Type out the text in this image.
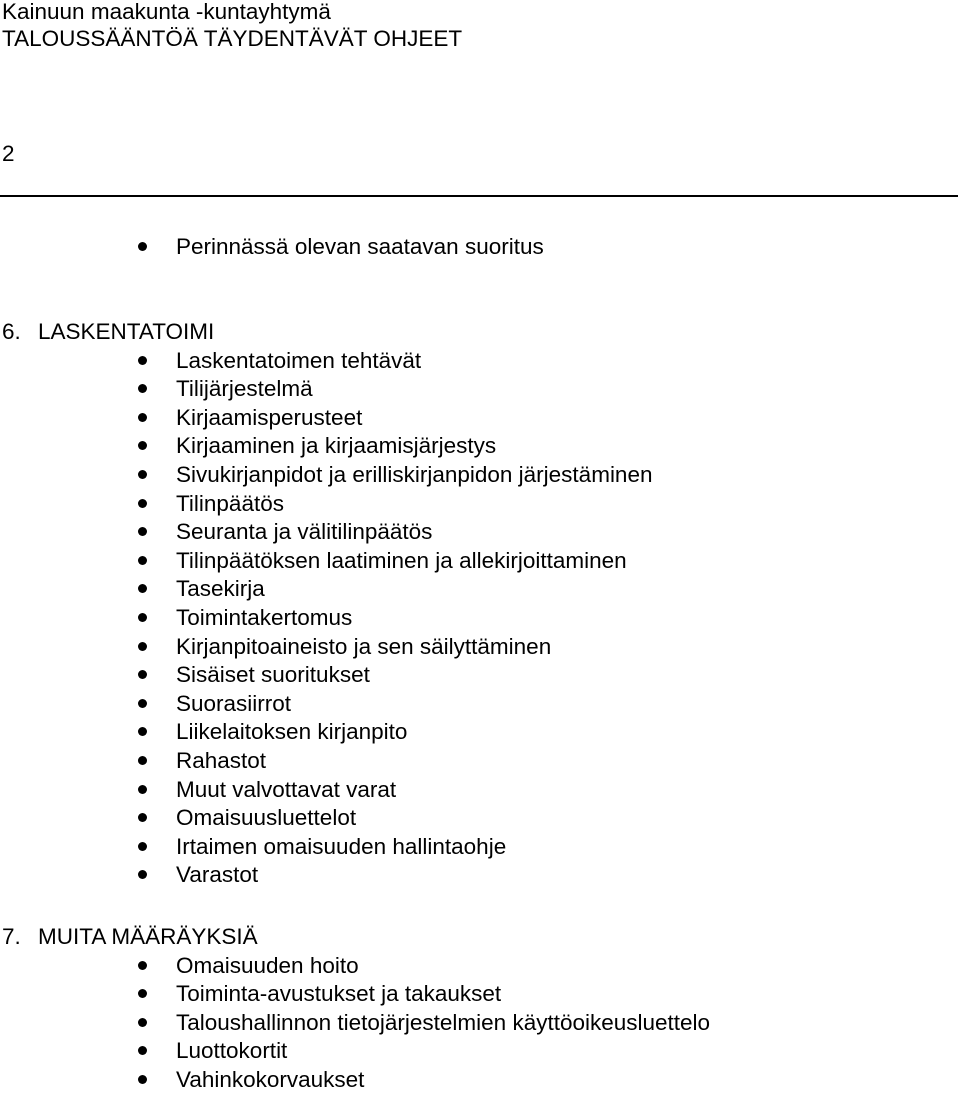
Kainuun maakunta -kuntayhtymä
TALOUSSÄÄNTÖÄ TÄYDENTÄVÄT OHJEET
2
Perinnässä olevan saatavan suoritus
6. LASKENTATOIMI
Laskentatoimen tehtävät
Tilijärjestelmä
Kirjaamisperusteet
Kirjaaminen ja kirjaamisjärjestys
Sivukirjanpidot ja erilliskirjanpidon järjestäminen
Tilinpäätös
Seuranta ja välitilinpäätös
Tilinpäätöksen laatiminen ja allekirjoittaminen
Tasekirja
Toimintakertomus
Kirjanpitoaineisto ja sen säilyttäminen
Sisäiset suoritukset
Suorasiirrot
Liikelaitoksen kirjanpito
Rahastot
Muut valvottavat varat
Omaisuusluettelot
Irtaimen omaisuuden hallintaohje
Varastot
7. MUITA MÄÄRÄYKSIÄ
Omaisuuden hoito
Toiminta-avustukset ja takaukset
Taloushallinnon tietojärjestelmien käyttöoikeusluettelo
Luottokortit
Vahinkokorvaukset
